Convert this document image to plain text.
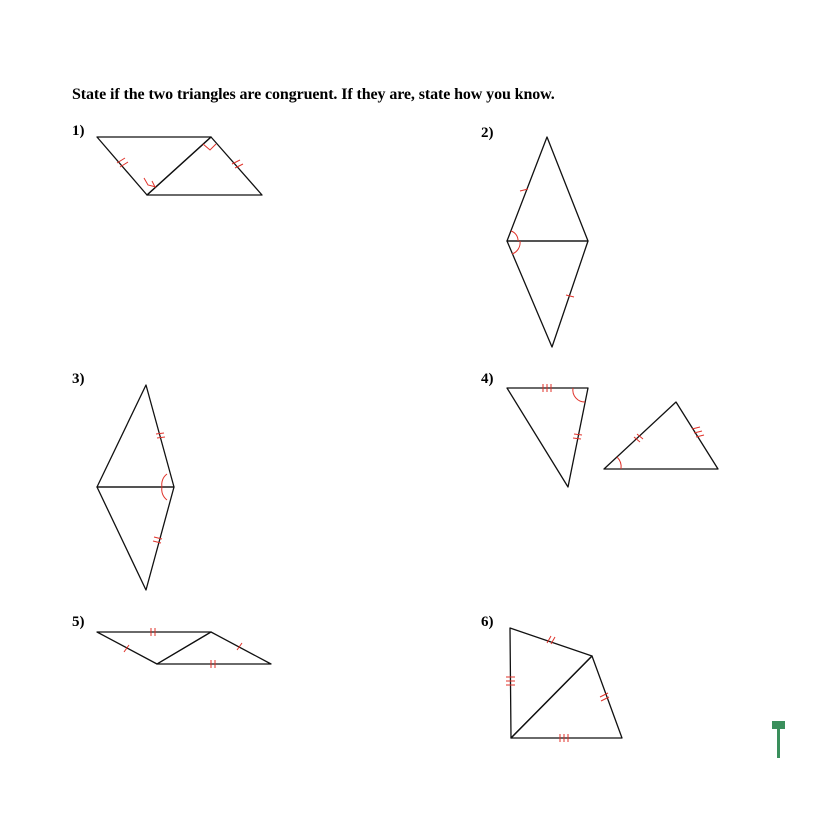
State if the two triangles are congruent. If they are, state how you know.
1)	2)
3)	4)
5)	6)
